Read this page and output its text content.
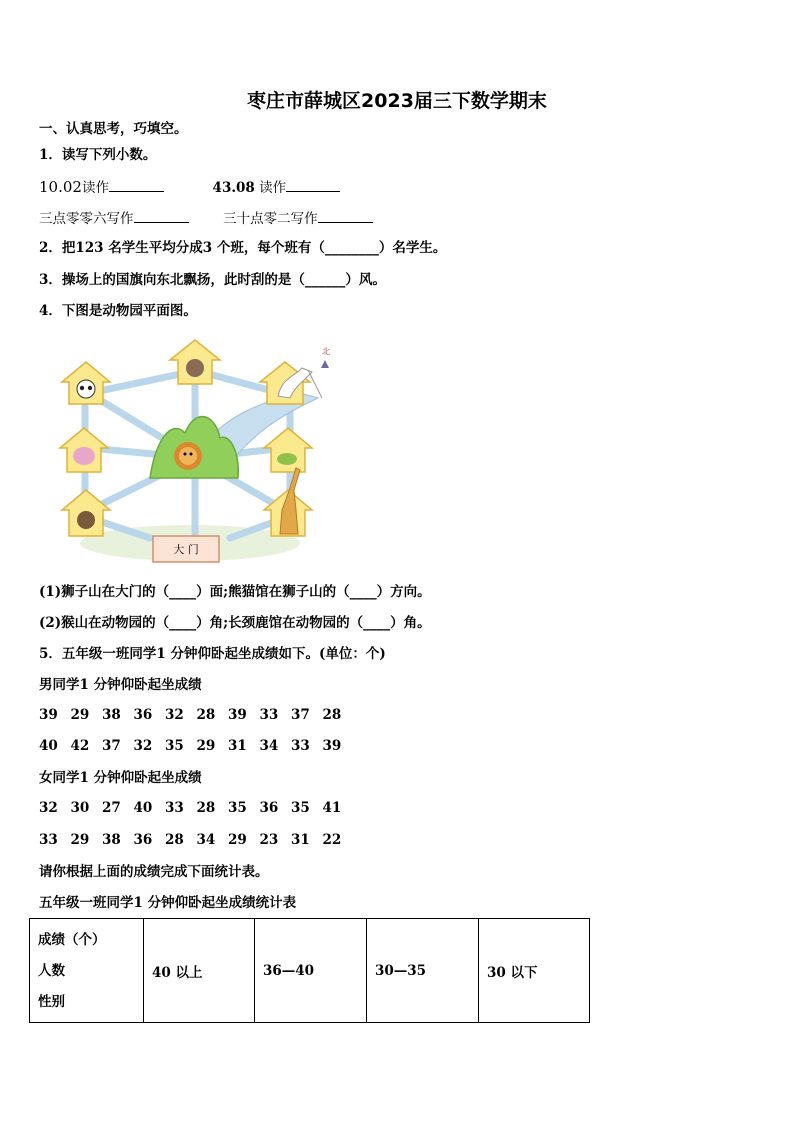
枣庄市薛城区2023届三下数学期末
一、认真思考，巧填空。
1．读写下列小数。
10.02读作	43.08 读作
三点零零六写作	三十点零二写作
2．把123 名学生平均分成3 个班，每个班有（________）名学生。
3．操场上的国旗向东北飘扬，此时刮的是（______）风。
4．下图是动物园平面图。
大 门
北
(1)狮子山在大门的（____）面;熊猫馆在狮子山的（____）方向。
(2)猴山在动物园的（____）角;长颈鹿馆在动物园的（____）角。
5．五年级一班同学1 分钟仰卧起坐成绩如下。(单位：个)
男同学1 分钟仰卧起坐成绩
39 29 38 36 32 28 39 33 37 28
40 42 37 32 35 29 31 34 33 39
女同学1 分钟仰卧起坐成绩
32 30 27 40 33 28 35 36 35 41
33 29 38 36 28 34 29 23 31 22
请你根据上面的成绩完成下面统计表。
五年级一班同学1 分钟仰卧起坐成绩统计表
成绩（个）
人数
性别
	40 以上	36—40	30—35	30 以下
